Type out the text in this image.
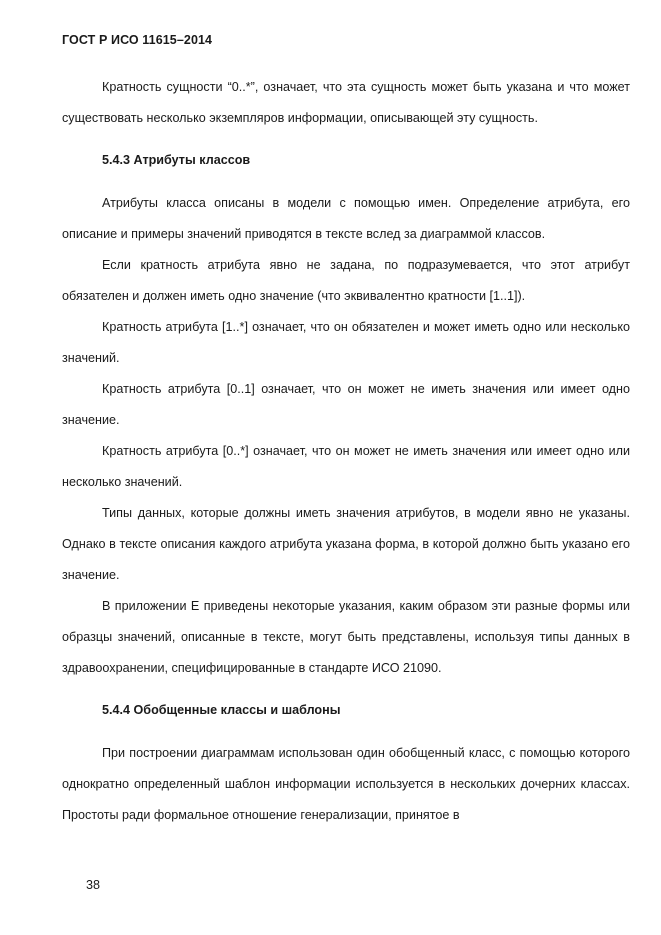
ГОСТ Р ИСО 11615–2014

Кратность сущности “0..*”, означает, что эта сущность может быть указана и что может существовать несколько экземпляров информации, описывающей эту сущность.

5.4.3 Атрибуты классов

Атрибуты класса описаны в модели с помощью имен. Определение атрибута, его описание и примеры значений приводятся в тексте вслед за диаграммой классов.

Если кратность атрибута явно не задана, по подразумевается, что этот атрибут обязателен и должен иметь одно значение (что эквивалентно кратности [1..1]).

Кратность атрибута [1..*] означает, что он обязателен и может иметь одно или несколько значений.

Кратность атрибута [0..1] означает, что он может не иметь значения или имеет одно значение.

Кратность атрибута [0..*] означает, что он может не иметь значения или имеет одно или несколько значений.

Типы данных, которые должны иметь значения атрибутов, в модели явно не указаны. Однако в тексте описания каждого атрибута указана форма, в которой должно быть указано его значение.

В приложении Е приведены некоторые указания, каким образом эти разные формы или образцы значений, описанные в тексте, могут быть представлены, используя типы данных в здравоохранении, специфицированные в стандарте ИСО 21090.

5.4.4 Обобщенные классы и шаблоны

При построении диаграммам использован один обобщенный класс, с помощью которого однократно определенный шаблон информации используется в нескольких дочерних классах. Простоты ради формальное отношение генерализации, принятое в

38
